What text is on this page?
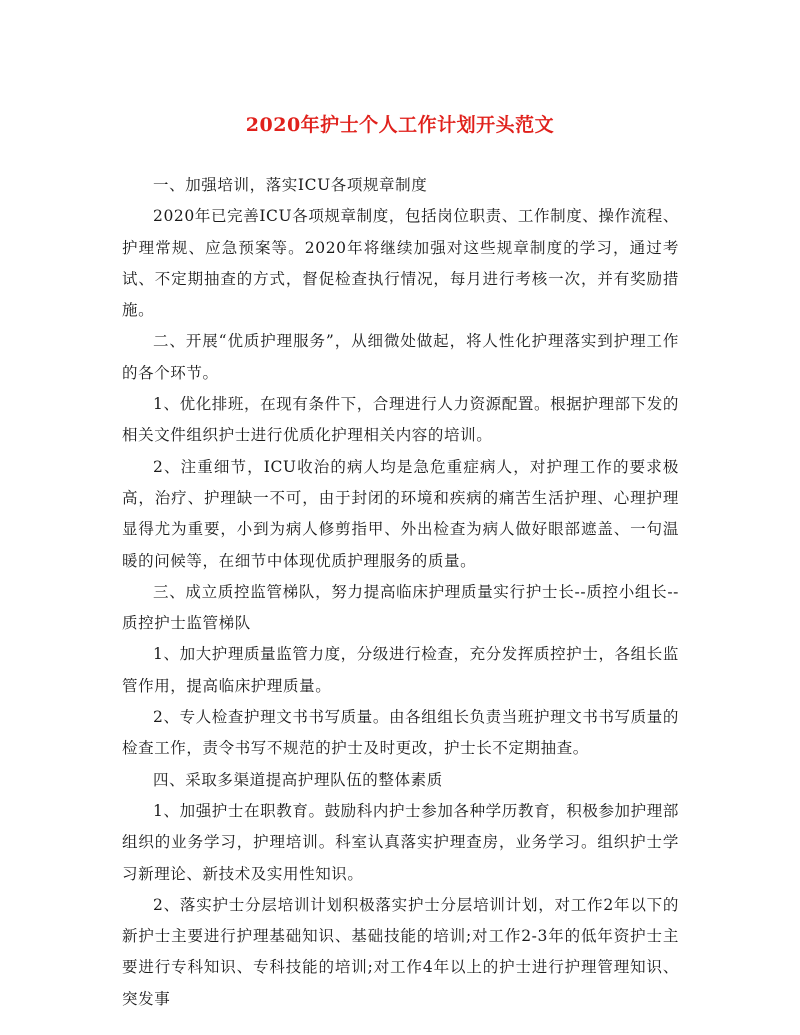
2020年护士个人工作计划开头范文

一、加强培训，落实ICU各项规章制度

2020年已完善ICU各项规章制度，包括岗位职责、工作制度、操作流程、护理常规、应急预案等。2020年将继续加强对这些规章制度的学习，通过考试、不定期抽查的方式，督促检查执行情况，每月进行考核一次，并有奖励措施。

二、开展“优质护理服务”，从细微处做起，将人性化护理落实到护理工作的各个环节。

1、优化排班，在现有条件下，合理进行人力资源配置。根据护理部下发的相关文件组织护士进行优质化护理相关内容的培训。

2、注重细节，ICU收治的病人均是急危重症病人，对护理工作的要求极高，治疗、护理缺一不可，由于封闭的环境和疾病的痛苦生活护理、心理护理显得尤为重要，小到为病人修剪指甲、外出检查为病人做好眼部遮盖、一句温暖的问候等，在细节中体现优质护理服务的质量。

三、成立质控监管梯队，努力提高临床护理质量实行护士长--质控小组长--质控护士监管梯队

1、加大护理质量监管力度，分级进行检查，充分发挥质控护士，各组长监管作用，提高临床护理质量。

2、专人检查护理文书书写质量。由各组组长负责当班护理文书书写质量的检查工作，责令书写不规范的护士及时更改，护士长不定期抽查。

四、采取多渠道提高护理队伍的整体素质

1、加强护士在职教育。鼓励科内护士参加各种学历教育，积极参加护理部组织的业务学习，护理培训。科室认真落实护理查房，业务学习。组织护士学习新理论、新技术及实用性知识。

2、落实护士分层培训计划积极落实护士分层培训计划，对工作2年以下的新护士主要进行护理基础知识、基础技能的培训;对工作2-3年的低年资护士主要进行专科知识、专科技能的培训;对工作4年以上的护士进行护理管理知识、突发事
